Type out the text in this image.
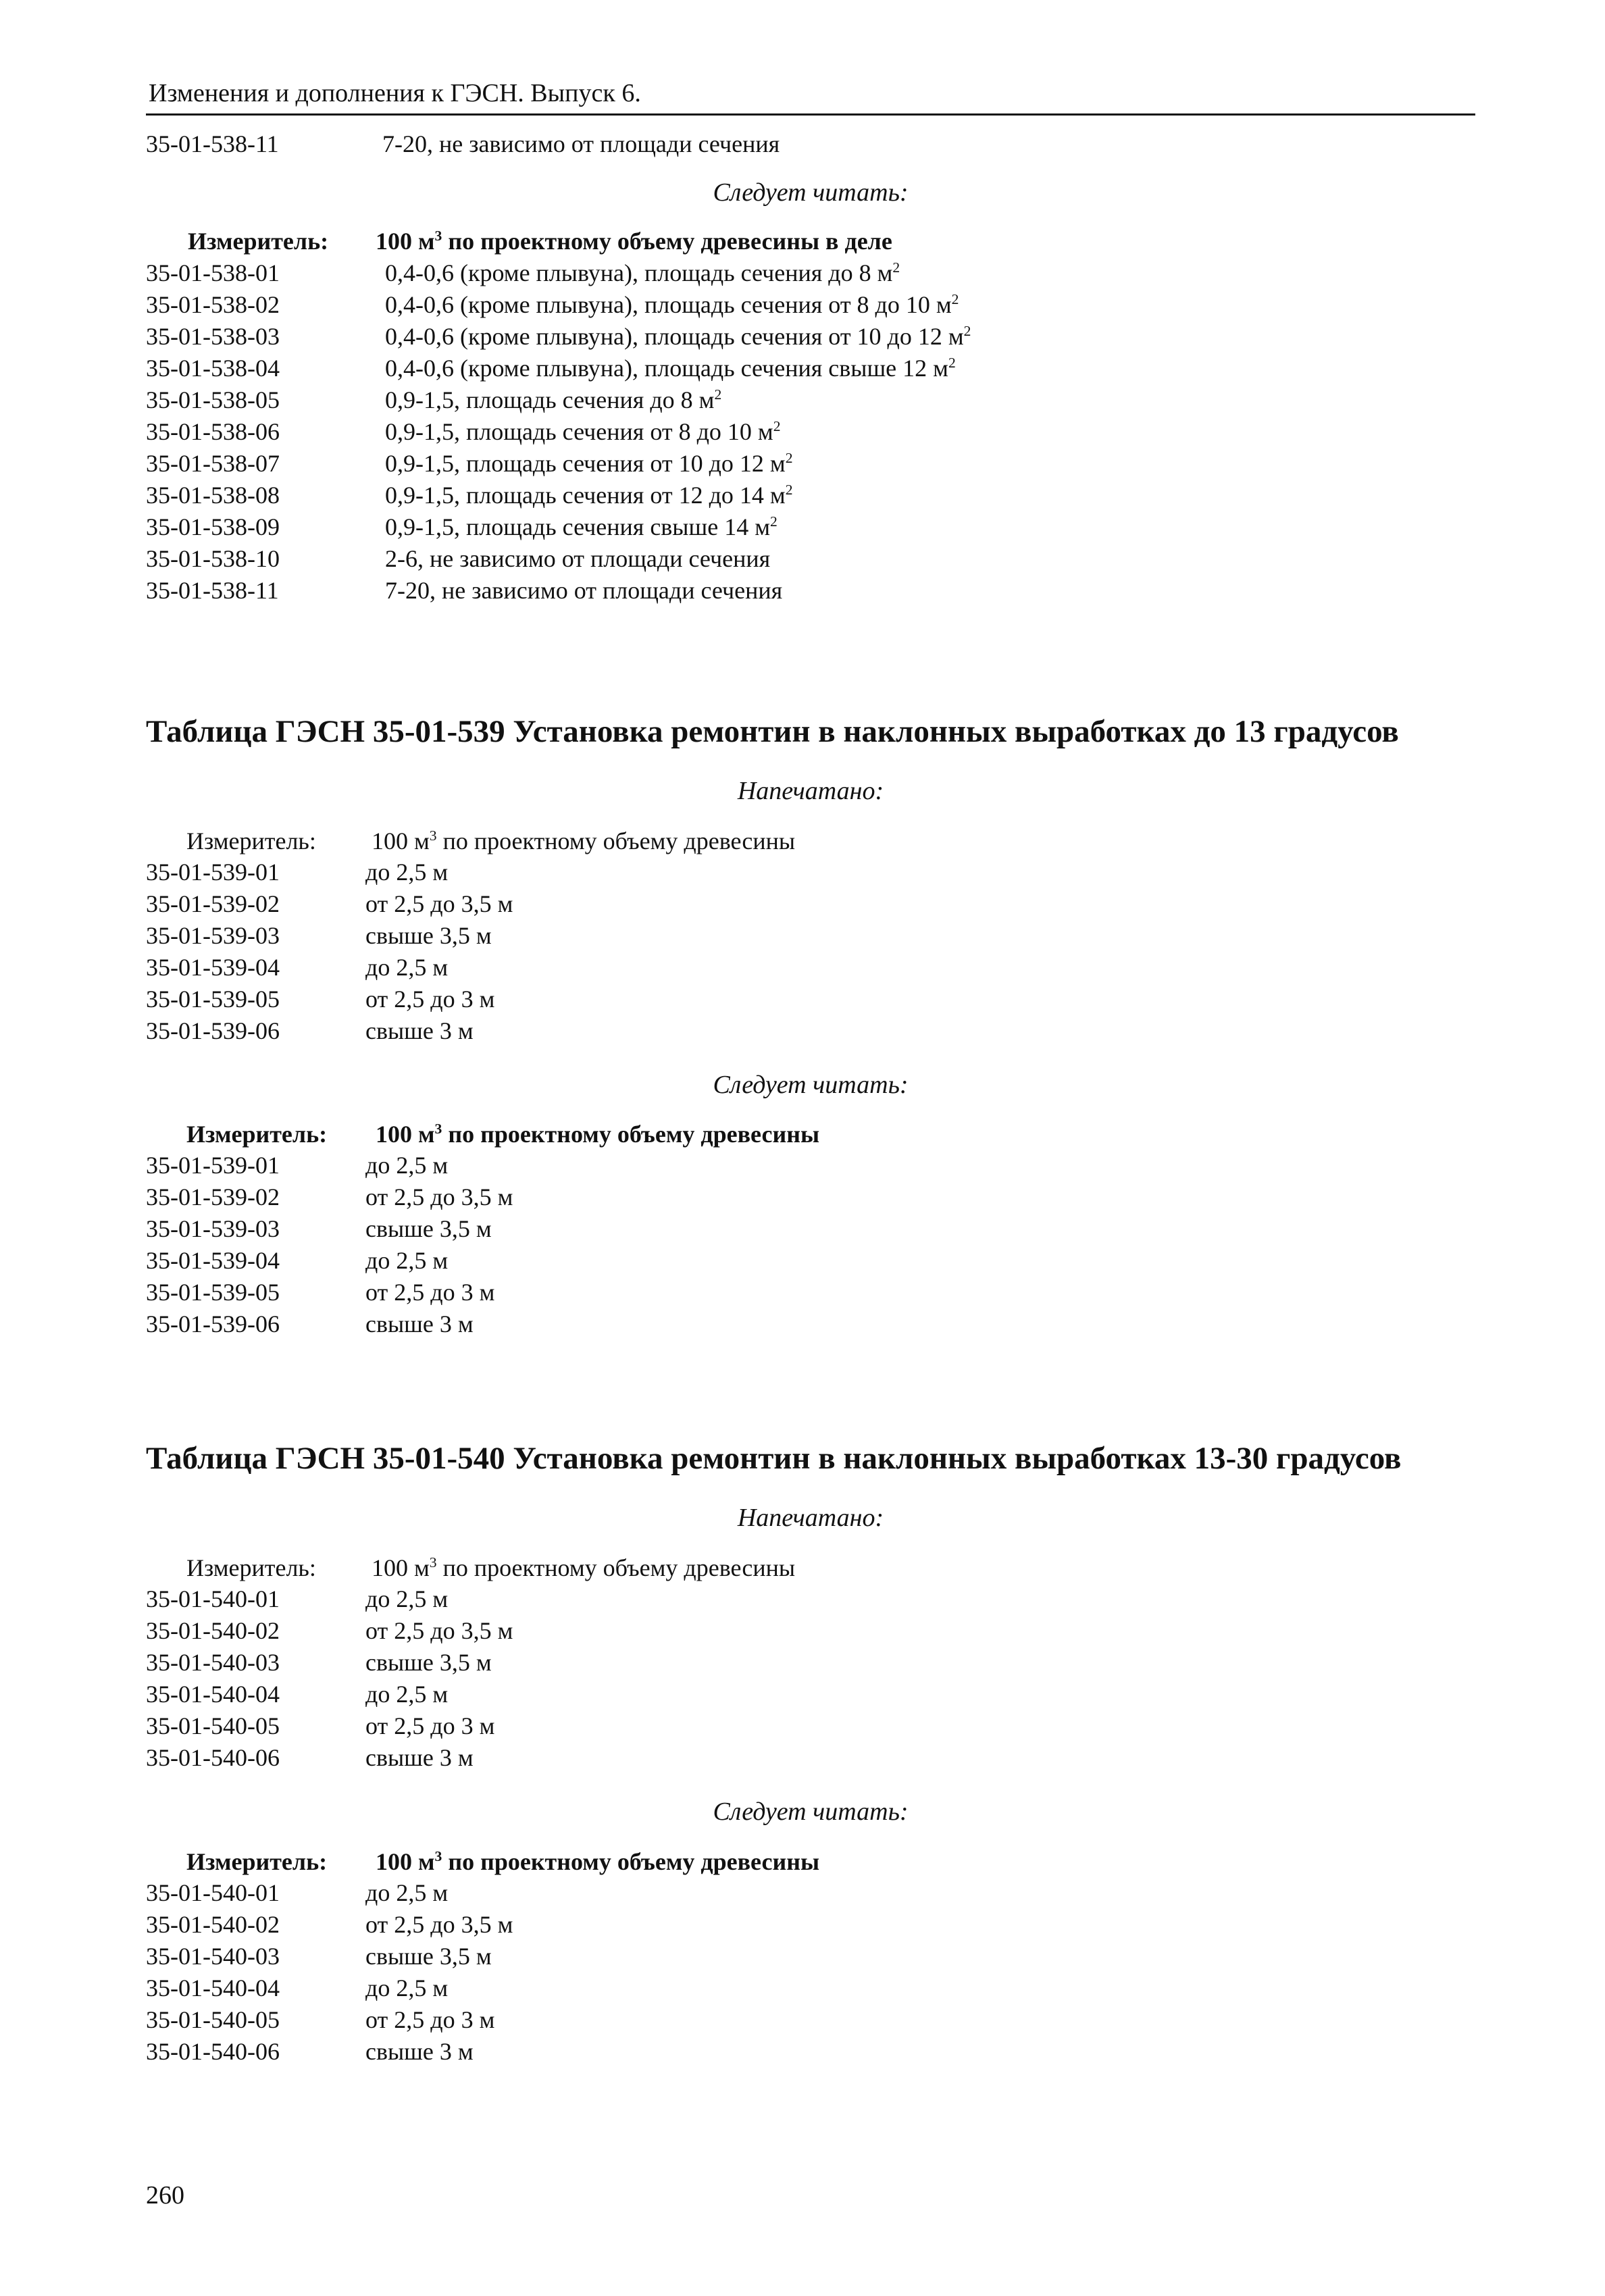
Изменения и дополнения к ГЭСН. Выпуск 6.
35-01-538-11	7-20, не зависимо от площади сечения
Следует читать:
Измеритель: 100 $м^3$ по проектному объему древесины в деле
35-01-538-01	0,4-0,6 (кроме плывуна), площадь сечения до 8 $м^2$
35-01-538-02	0,4-0,6 (кроме плывуна), площадь сечения от 8 до 10 $м^2$
35-01-538-03	0,4-0,6 (кроме плывуна), площадь сечения от 10 до 12 $м^2$
35-01-538-04	0,4-0,6 (кроме плывуна), площадь сечения свыше 12 $м^2$
35-01-538-05	0,9-1,5, площадь сечения до 8 $м^2$
35-01-538-06	0,9-1,5, площадь сечения от 8 до 10 $м^2$
35-01-538-07	0,9-1,5, площадь сечения от 10 до 12 $м^2$
35-01-538-08	0,9-1,5, площадь сечения от 12 до 14 $м^2$
35-01-538-09	0,9-1,5, площадь сечения свыше 14 $м^2$
35-01-538-10	2-6, не зависимо от площади сечения
35-01-538-11	7-20, не зависимо от площади сечения
Таблица ГЭСН 35-01-539 Установка ремонтин в наклонных выработках до 13 градусов
Напечатано:
Измеритель: 100 $м^3$ по проектному объему древесины
35-01-539-01	до 2,5 м
35-01-539-02	от 2,5 до 3,5 м
35-01-539-03	свыше 3,5 м
35-01-539-04	до 2,5 м
35-01-539-05	от 2,5 до 3 м
35-01-539-06	свыше 3 м
Следует читать:
Измеритель: 100 $м^3$ по проектному объему древесины
35-01-539-01	до 2,5 м
35-01-539-02	от 2,5 до 3,5 м
35-01-539-03	свыше 3,5 м
35-01-539-04	до 2,5 м
35-01-539-05	от 2,5 до 3 м
35-01-539-06	свыше 3 м
Таблица ГЭСН 35-01-540 Установка ремонтин в наклонных выработках 13-30 градусов
Напечатано:
Измеритель: 100 $м^3$ по проектному объему древесины
35-01-540-01	до 2,5 м
35-01-540-02	от 2,5 до 3,5 м
35-01-540-03	свыше 3,5 м
35-01-540-04	до 2,5 м
35-01-540-05	от 2,5 до 3 м
35-01-540-06	свыше 3 м
Следует читать:
Измеритель: 100 $м^3$ по проектному объему древесины
35-01-540-01	до 2,5 м
35-01-540-02	от 2,5 до 3,5 м
35-01-540-03	свыше 3,5 м
35-01-540-04	до 2,5 м
35-01-540-05	от 2,5 до 3 м
35-01-540-06	свыше 3 м
260
